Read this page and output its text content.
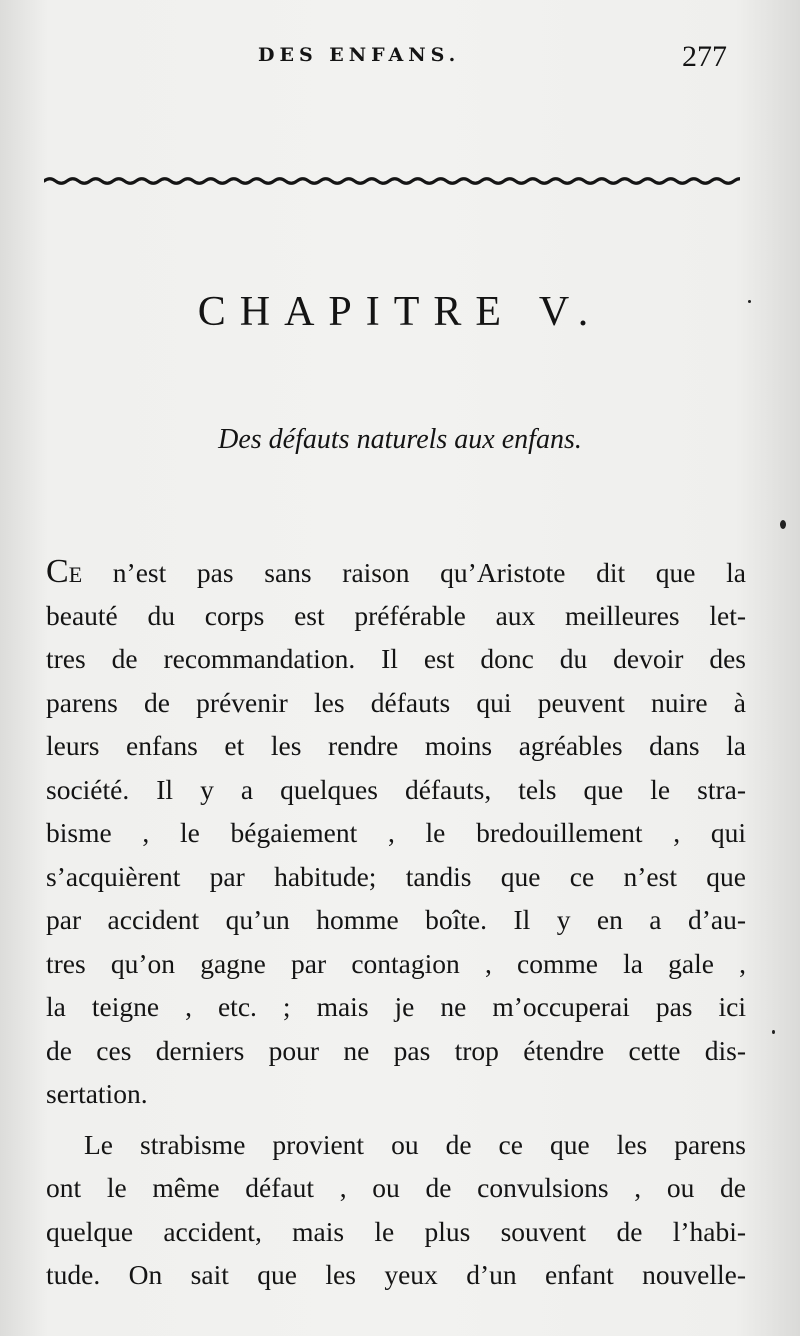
DES ENFANS.	277
CHAPITRE V.
Des défauts naturels aux enfans.
CE n’est pas sans raison qu’Aristote dit que la
beauté du corps est préférable aux meilleures let-
tres de recommandation. Il est donc du devoir des
parens de prévenir les défauts qui peuvent nuire à
leurs enfans et les rendre moins agréables dans la
société. Il y a quelques défauts, tels que le stra-
bisme , le bégaiement , le bredouillement , qui
s’acquièrent par habitude; tandis que ce n’est que
par accident qu’un homme boîte. Il y en a d’au-
tres qu’on gagne par contagion , comme la gale ,
la teigne , etc. ; mais je ne m’occuperai pas ici
de ces derniers pour ne pas trop étendre cette dis-
sertation.
Le strabisme provient ou de ce que les parens
ont le même défaut , ou de convulsions , ou de
quelque accident, mais le plus souvent de l’habi-
tude. On sait que les yeux d’un enfant nouvelle-
